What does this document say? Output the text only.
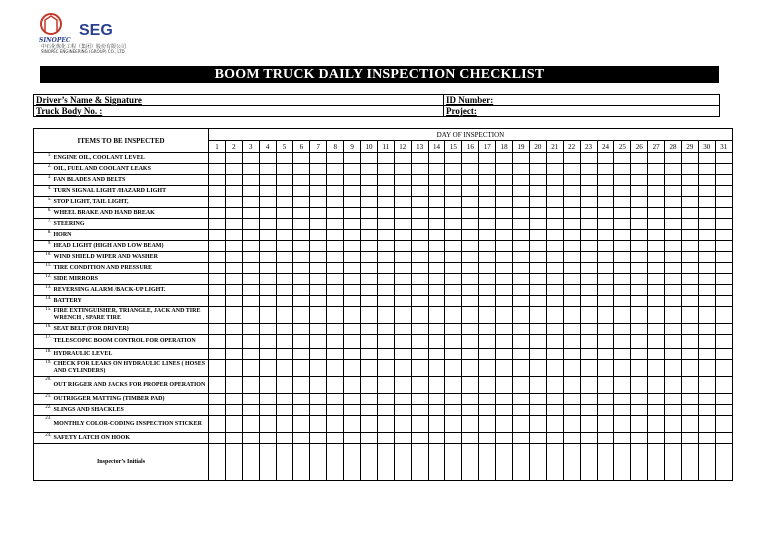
SINOPEC
SEG
中石化炼化工程（集团）股份有限公司
SINOPEC ENGINEERING (GROUP) CO., LTD
BOOM TRUCK DAILY INSPECTION CHECKLIST
Driver’s Name & Signature	ID Number:
Truck Body No. :	Project:
ITEMS TO BE INSPECTED		DAY OF INSPECTION																														
		1	2	3	4	5	6	7	8	9	10	11	12	13	14	15	16	17	18	19	20	21	22	23	24	25	26	27	28	29	30	31
1.	ENGINE OIL, COOLANT LEVEL																															
2.	OIL, FUEL AND COOLANT LEAKS																															
3.	FAN BLADES AND BELTS																															
4.	TURN SIGNAL LIGHT /HAZARD LIGHT																															
5.	STOP LIGHT, TAIL LIGHT,																															
6.	WHEEL BRAKE AND HAND BREAK																															
7.	STEERING																															
8.	HORN																															
9.	HEAD LIGHT (HIGH AND LOW BEAM)																															
10.	WIND SHIELD WIPER AND WASHER																															
11.	TIRE CONDITION AND PRESSURE																															
12.	SIDE MIRRORS																															
13.	REVERSING ALARM /BACK-UP LIGHT.																															
14.	BATTERY																															
15.	FIRE EXTINGUISHER, TRIANGLE, JACK AND TIRE WRENCH , SPARE TIRE																															
16.	SEAT BELT (FOR DRIVER)																															
17.	TELESCOPIC BOOM CONTROL FOR OPERATION																															
18.	HYDRAULIC LEVEL																															
19.	CHECK FOR LEAKS ON HYDRAULIC LINES ( HOSES AND CYLINDERS)																															
20.	OUT RIGGER AND JACKS FOR PROPER OPERATION																															
21.	OUTRIGGER MATTING (TIMBER PAD)																															
22.	SLINGS AND SHACKLES																															
23.	MONTHLY COLOR-CODING INSPECTION STICKER																															
24.	SAFETY LATCH ON HOOK																															
Inspector’s Initials																																
